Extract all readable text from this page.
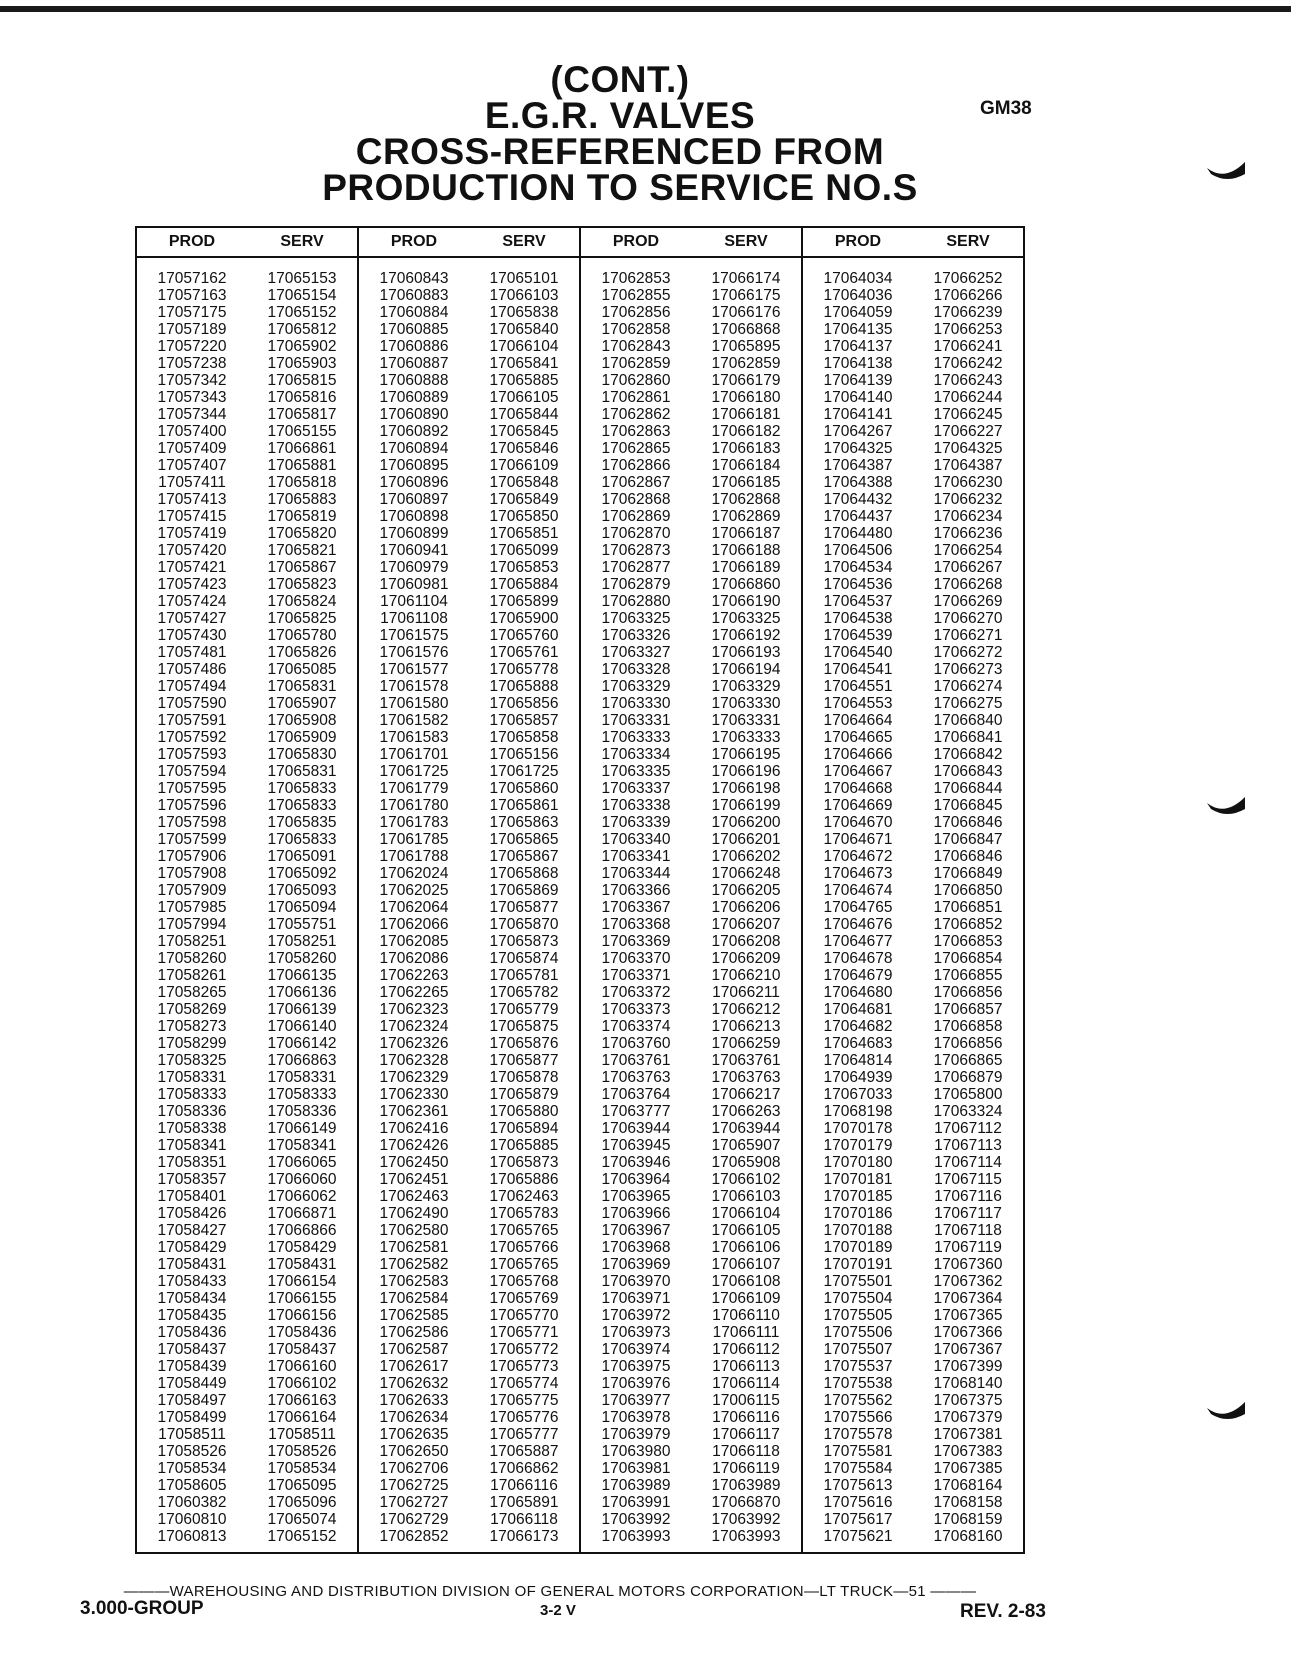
(CONT.)
E.G.R. VALVES
CROSS-REFERENCED FROM
PRODUCTION TO SERVICE NO.S
GM38
PROD	SERV
17057162	17065153
17057163	17065154
17057175	17065152
17057189	17065812
17057220	17065902
17057238	17065903
17057342	17065815
17057343	17065816
17057344	17065817
17057400	17065155
17057409	17066861
17057407	17065881
17057411	17065818
17057413	17065883
17057415	17065819
17057419	17065820
17057420	17065821
17057421	17065867
17057423	17065823
17057424	17065824
17057427	17065825
17057430	17065780
17057481	17065826
17057486	17065085
17057494	17065831
17057590	17065907
17057591	17065908
17057592	17065909
17057593	17065830
17057594	17065831
17057595	17065833
17057596	17065833
17057598	17065835
17057599	17065833
17057906	17065091
17057908	17065092
17057909	17065093
17057985	17065094
17057994	17055751
17058251	17058251
17058260	17058260
17058261	17066135
17058265	17066136
17058269	17066139
17058273	17066140
17058299	17066142
17058325	17066863
17058331	17058331
17058333	17058333
17058336	17058336
17058338	17066149
17058341	17058341
17058351	17066065
17058357	17066060
17058401	17066062
17058426	17066871
17058427	17066866
17058429	17058429
17058431	17058431
17058433	17066154
17058434	17066155
17058435	17066156
17058436	17058436
17058437	17058437
17058439	17066160
17058449	17066102
17058497	17066163
17058499	17066164
17058511	17058511
17058526	17058526
17058534	17058534
17058605	17065095
17060382	17065096
17060810	17065074
17060813	17065152
PROD	SERV
17060843	17065101
17060883	17066103
17060884	17065838
17060885	17065840
17060886	17066104
17060887	17065841
17060888	17065885
17060889	17066105
17060890	17065844
17060892	17065845
17060894	17065846
17060895	17066109
17060896	17065848
17060897	17065849
17060898	17065850
17060899	17065851
17060941	17065099
17060979	17065853
17060981	17065884
17061104	17065899
17061108	17065900
17061575	17065760
17061576	17065761
17061577	17065778
17061578	17065888
17061580	17065856
17061582	17065857
17061583	17065858
17061701	17065156
17061725	17061725
17061779	17065860
17061780	17065861
17061783	17065863
17061785	17065865
17061788	17065867
17062024	17065868
17062025	17065869
17062064	17065877
17062066	17065870
17062085	17065873
17062086	17065874
17062263	17065781
17062265	17065782
17062323	17065779
17062324	17065875
17062326	17065876
17062328	17065877
17062329	17065878
17062330	17065879
17062361	17065880
17062416	17065894
17062426	17065885
17062450	17065873
17062451	17065886
17062463	17062463
17062490	17065783
17062580	17065765
17062581	17065766
17062582	17065765
17062583	17065768
17062584	17065769
17062585	17065770
17062586	17065771
17062587	17065772
17062617	17065773
17062632	17065774
17062633	17065775
17062634	17065776
17062635	17065777
17062650	17065887
17062706	17066862
17062725	17066116
17062727	17065891
17062729	17066118
17062852	17066173
PROD	SERV
17062853	17066174
17062855	17066175
17062856	17066176
17062858	17066868
17062843	17065895
17062859	17062859
17062860	17066179
17062861	17066180
17062862	17066181
17062863	17066182
17062865	17066183
17062866	17066184
17062867	17066185
17062868	17062868
17062869	17062869
17062870	17066187
17062873	17066188
17062877	17066189
17062879	17066860
17062880	17066190
17063325	17063325
17063326	17066192
17063327	17066193
17063328	17066194
17063329	17063329
17063330	17063330
17063331	17063331
17063333	17063333
17063334	17066195
17063335	17066196
17063337	17066198
17063338	17066199
17063339	17066200
17063340	17066201
17063341	17066202
17063344	17066248
17063366	17066205
17063367	17066206
17063368	17066207
17063369	17066208
17063370	17066209
17063371	17066210
17063372	17066211
17063373	17066212
17063374	17066213
17063760	17066259
17063761	17063761
17063763	17063763
17063764	17066217
17063777	17066263
17063944	17063944
17063945	17065907
17063946	17065908
17063964	17066102
17063965	17066103
17063966	17066104
17063967	17066105
17063968	17066106
17063969	17066107
17063970	17066108
17063971	17066109
17063972	17066110
17063973	17066111
17063974	17066112
17063975	17066113
17063976	17066114
17063977	17006115
17063978	17066116
17063979	17066117
17063980	17066118
17063981	17066119
17063989	17063989
17063991	17066870
17063992	17063992
17063993	17063993
PROD	SERV
17064034	17066252
17064036	17066266
17064059	17066239
17064135	17066253
17064137	17066241
17064138	17066242
17064139	17066243
17064140	17066244
17064141	17066245
17064267	17066227
17064325	17064325
17064387	17064387
17064388	17066230
17064432	17066232
17064437	17066234
17064480	17066236
17064506	17066254
17064534	17066267
17064536	17066268
17064537	17066269
17064538	17066270
17064539	17066271
17064540	17066272
17064541	17066273
17064551	17066274
17064553	17066275
17064664	17066840
17064665	17066841
17064666	17066842
17064667	17066843
17064668	17066844
17064669	17066845
17064670	17066846
17064671	17066847
17064672	17066846
17064673	17066849
17064674	17066850
17064765	17066851
17064676	17066852
17064677	17066853
17064678	17066854
17064679	17066855
17064680	17066856
17064681	17066857
17064682	17066858
17064683	17066856
17064814	17066865
17064939	17066879
17067033	17065800
17068198	17063324
17070178	17067112
17070179	17067113
17070180	17067114
17070181	17067115
17070185	17067116
17070186	17067117
17070188	17067118
17070189	17067119
17070191	17067360
17075501	17067362
17075504	17067364
17075505	17067365
17075506	17067366
17075507	17067367
17075537	17067399
17075538	17068140
17075562	17067375
17075566	17067379
17075578	17067381
17075581	17067383
17075584	17067385
17075613	17068164
17075616	17068158
17075617	17068159
17075621	17068160
———WAREHOUSING AND DISTRIBUTION DIVISION OF GENERAL MOTORS CORPORATION—LT TRUCK—51 ———
3.000-GROUP	3-2 V	REV. 2-83
